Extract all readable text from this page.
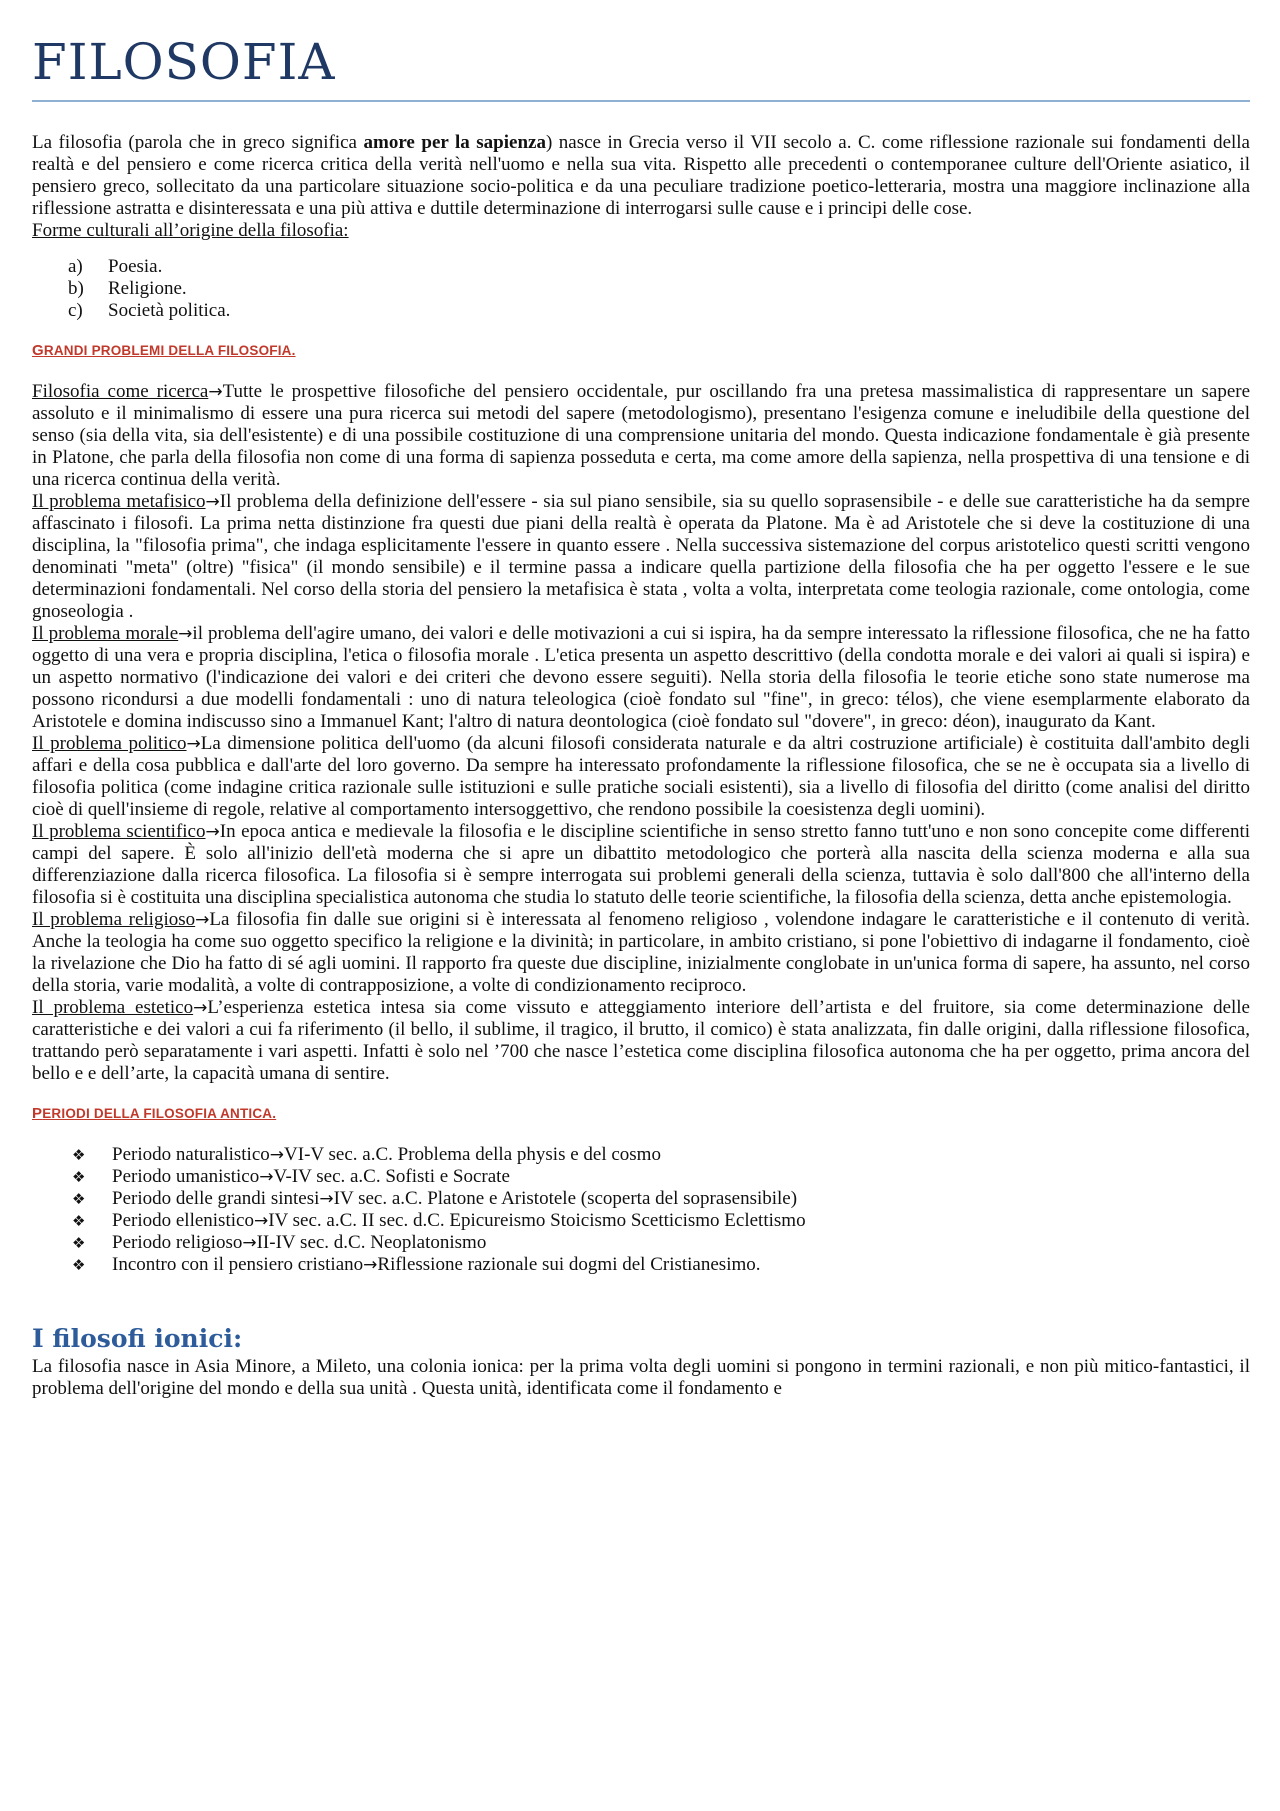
FILOSOFIA

La filosofia (parola che in greco significa amore per la sapienza) nasce in Grecia verso il VII secolo a. C. come riflessione razionale sui fondamenti della realtà e del pensiero e come ricerca critica della verità nell'uomo e nella sua vita. Rispetto alle precedenti o contemporanee culture dell'Oriente asiatico, il pensiero greco, sollecitato da una particolare situazione socio-politica e da una peculiare tradizione poetico-letteraria, mostra una maggiore inclinazione alla riflessione astratta e disinteressata e una più attiva e duttile determinazione di interrogarsi sulle cause e i principi delle cose.

Forme culturali all’origine della filosofia:

a) Poesia.
b) Religione.
c) Società politica.
GRANDI PROBLEMI DELLA FILOSOFIA.

Filosofia come ricerca→Tutte le prospettive filosofiche del pensiero occidentale, pur oscillando fra una pretesa massimalistica di rappresentare un sapere assoluto e il minimalismo di essere una pura ricerca sui metodi del sapere (metodologismo), presentano l'esigenza comune e ineludibile della questione del senso (sia della vita, sia dell'esistente) e di una possibile costituzione di una comprensione unitaria del mondo. Questa indicazione fondamentale è già presente in Platone, che parla della filosofia non come di una forma di sapienza posseduta e certa, ma come amore della sapienza, nella prospettiva di una tensione e di una ricerca continua della verità.

Il problema metafisico→Il problema della definizione dell'essere - sia sul piano sensibile, sia su quello soprasensibile - e delle sue caratteristiche ha da sempre affascinato i filosofi. La prima netta distinzione fra questi due piani della realtà è operata da Platone. Ma è ad Aristotele che si deve la costituzione di una disciplina, la "filosofia prima", che indaga esplicitamente l'essere in quanto essere . Nella successiva sistemazione del corpus aristotelico questi scritti vengono denominati "meta" (oltre) "fisica" (il mondo sensibile) e il termine passa a indicare quella partizione della filosofia che ha per oggetto l'essere e le sue determinazioni fondamentali. Nel corso della storia del pensiero la metafisica è stata , volta a volta, interpretata come teologia razionale, come ontologia, come gnoseologia .

Il problema morale→il problema dell'agire umano, dei valori e delle motivazioni a cui si ispira, ha da sempre interessato la riflessione filosofica, che ne ha fatto oggetto di una vera e propria disciplina, l'etica o filosofia morale . L'etica presenta un aspetto descrittivo (della condotta morale e dei valori ai quali si ispira) e un aspetto normativo (l'indicazione dei valori e dei criteri che devono essere seguiti). Nella storia della filosofia le teorie etiche sono state numerose ma possono ricondursi a due modelli fondamentali : uno di natura teleologica (cioè fondato sul "fine", in greco: télos), che viene esemplarmente elaborato da Aristotele e domina indiscusso sino a Immanuel Kant; l'altro di natura deontologica (cioè fondato sul "dovere", in greco: déon), inaugurato da Kant.

Il problema politico→La dimensione politica dell'uomo (da alcuni filosofi considerata naturale e da altri costruzione artificiale) è costituita dall'ambito degli affari e della cosa pubblica e dall'arte del loro governo. Da sempre ha interessato profondamente la riflessione filosofica, che se ne è occupata sia a livello di filosofia politica (come indagine critica razionale sulle istituzioni e sulle pratiche sociali esistenti), sia a livello di filosofia del diritto (come analisi del diritto cioè di quell'insieme di regole, relative al comportamento intersoggettivo, che rendono possibile la coesistenza degli uomini).

Il problema scientifico→In epoca antica e medievale la filosofia e le discipline scientifiche in senso stretto fanno tutt'uno e non sono concepite come differenti campi del sapere. È solo all'inizio dell'età moderna che si apre un dibattito metodologico che porterà alla nascita della scienza moderna e alla sua differenziazione dalla ricerca filosofica. La filosofia si è sempre interrogata sui problemi generali della scienza, tuttavia è solo dall'800 che all'interno della filosofia si è costituita una disciplina specialistica autonoma che studia lo statuto delle teorie scientifiche, la filosofia della scienza, detta anche epistemologia.

Il problema religioso→La filosofia fin dalle sue origini si è interessata al fenomeno religioso , volendone indagare le caratteristiche e il contenuto di verità. Anche la teologia ha come suo oggetto specifico la religione e la divinità; in particolare, in ambito cristiano, si pone l'obiettivo di indagarne il fondamento, cioè la rivelazione che Dio ha fatto di sé agli uomini. Il rapporto fra queste due discipline, inizialmente conglobate in un'unica forma di sapere, ha assunto, nel corso della storia, varie modalità, a volte di contrapposizione, a volte di condizionamento reciproco.

Il problema estetico→L’esperienza estetica intesa sia come vissuto e atteggiamento interiore dell’artista e del fruitore, sia come determinazione delle caratteristiche e dei valori a cui fa riferimento (il bello, il sublime, il tragico, il brutto, il comico) è stata analizzata, fin dalle origini, dalla riflessione filosofica, trattando però separatamente i vari aspetti. Infatti è solo nel ’700 che nasce l’estetica come disciplina filosofica autonoma che ha per oggetto, prima ancora del bello e e dell’arte, la capacità umana di sentire.

PERIODI DELLA FILOSOFIA ANTICA.
❖ Periodo naturalistico→VI-V sec. a.C. Problema della physis e del cosmo
❖ Periodo umanistico→V-IV sec. a.C. Sofisti e Socrate
❖ Periodo delle grandi sintesi→IV sec. a.C. Platone e Aristotele (scoperta del soprasensibile)
❖ Periodo ellenistico→IV sec. a.C. II sec. d.C. Epicureismo Stoicismo Scetticismo Eclettismo
❖ Periodo religioso→II-IV sec. d.C. Neoplatonismo
❖ Incontro con il pensiero cristiano→Riflessione razionale sui dogmi del Cristianesimo.
I filosofi ionici:

La filosofia nasce in Asia Minore, a Mileto, una colonia ionica: per la prima volta degli uomini si pongono in termini razionali, e non più mitico-fantastici, il problema dell'origine del mondo e della sua unità . Questa unità, identificata come il fondamento e
